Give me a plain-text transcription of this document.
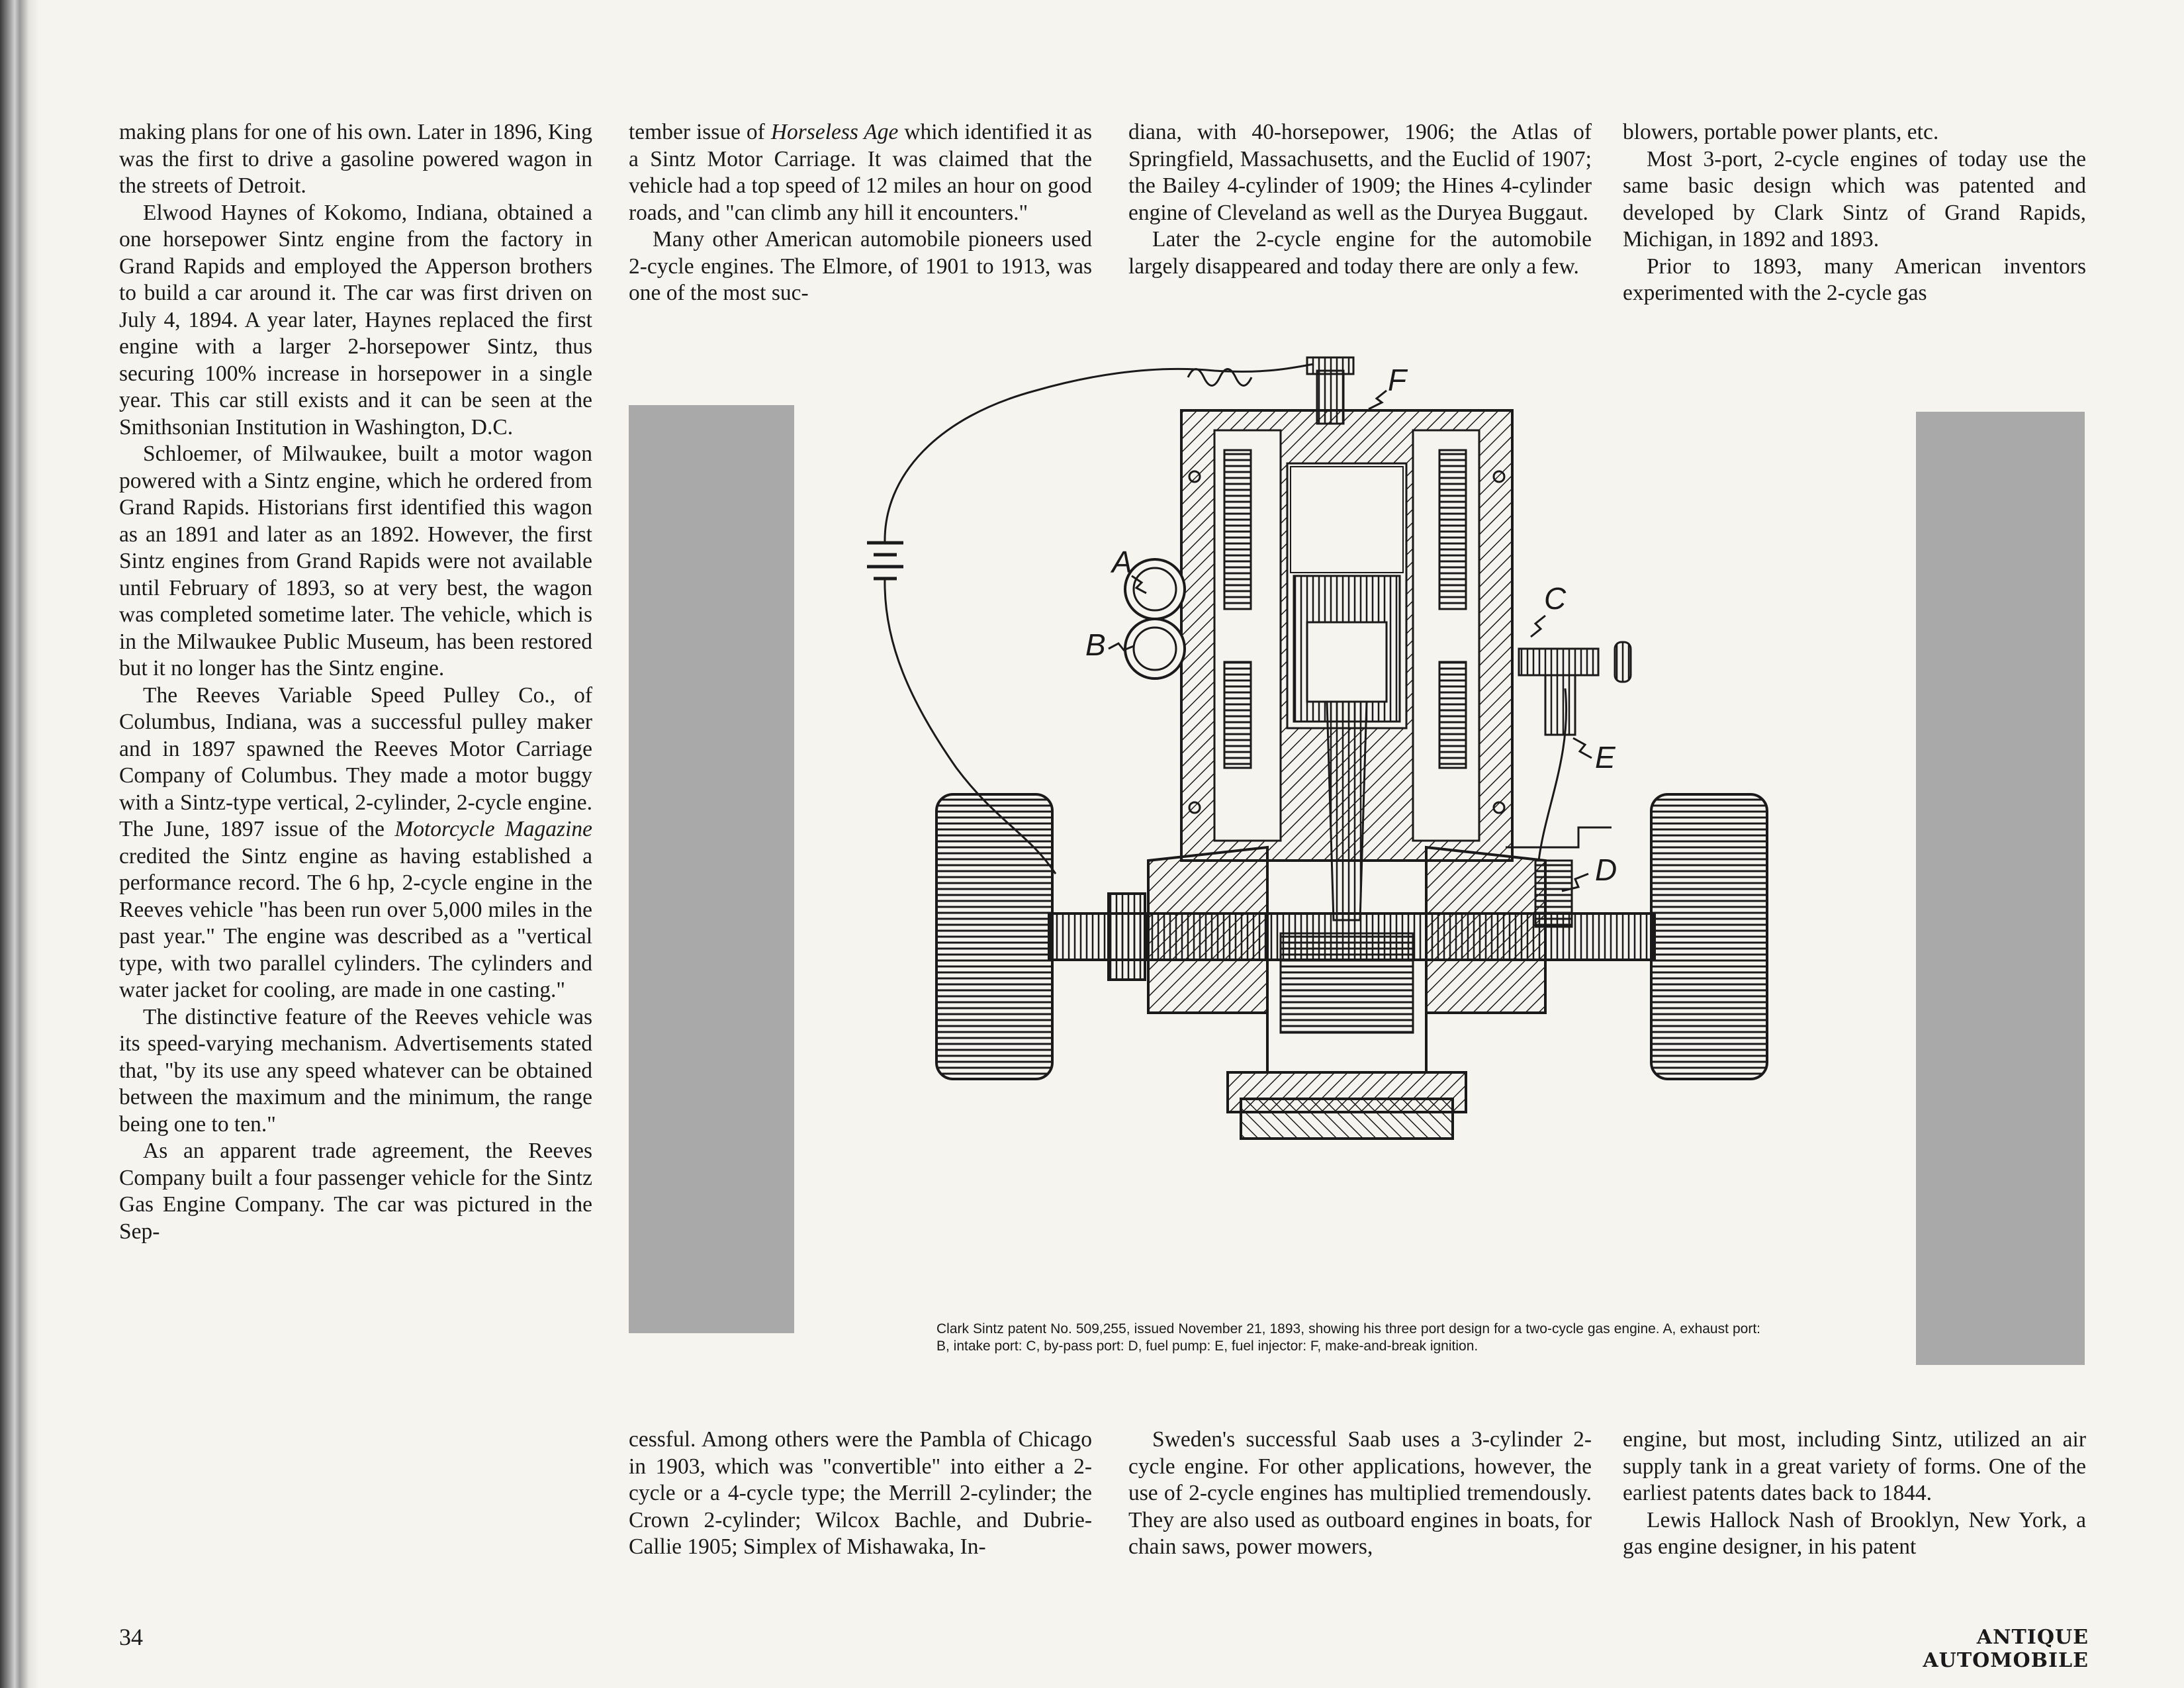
making plans for one of his own. Later in 1896, King was the first to drive a gasoline powered wagon in the streets of Detroit.

Elwood Haynes of Kokomo, Indiana, obtained a one horsepower Sintz engine from the factory in Grand Rapids and employed the Apperson brothers to build a car around it. The car was first driven on July 4, 1894. A year later, Haynes replaced the first engine with a larger 2-horsepower Sintz, thus securing 100% increase in horsepower in a single year. This car still exists and it can be seen at the Smithsonian Institution in Washington, D.C.

Schloemer, of Milwaukee, built a motor wagon powered with a Sintz engine, which he ordered from Grand Rapids. Historians first identified this wagon as an 1891 and later as an 1892. However, the first Sintz engines from Grand Rapids were not available until February of 1893, so at very best, the wagon was completed sometime later. The vehicle, which is in the Milwaukee Public Museum, has been restored but it no longer has the Sintz engine.

The Reeves Variable Speed Pulley Co., of Columbus, Indiana, was a successful pulley maker and in 1897 spawned the Reeves Motor Carriage Company of Columbus. They made a motor buggy with a Sintz-type vertical, 2-cylinder, 2-cycle engine. The June, 1897 issue of the Motorcycle Magazine credited the Sintz engine as having established a performance record. The 6 hp, 2-cycle engine in the Reeves vehicle "has been run over 5,000 miles in the past year." The engine was described as a "vertical type, with two parallel cylinders. The cylinders and water jacket for cooling, are made in one casting."

The distinctive feature of the Reeves vehicle was its speed-varying mechanism. Advertisements stated that, "by its use any speed whatever can be obtained between the maximum and the minimum, the range being one to ten."

As an apparent trade agreement, the Reeves Company built a four passenger vehicle for the Sintz Gas Engine Company. The car was pictured in the Sep-

tember issue of Horseless Age which identified it as a Sintz Motor Carriage. It was claimed that the vehicle had a top speed of 12 miles an hour on good roads, and "can climb any hill it encounters."

Many other American automobile pioneers used 2-cycle engines. The Elmore, of 1901 to 1913, was one of the most suc-

diana, with 40-horsepower, 1906; the Atlas of Springfield, Massachusetts, and the Euclid of 1907; the Bailey 4-cylinder of 1909; the Hines 4-cylinder engine of Cleveland as well as the Duryea Buggaut.

Later the 2-cycle engine for the automobile largely disappeared and today there are only a few.

blowers, portable power plants, etc.

Most 3-port, 2-cycle engines of today use the same basic design which was patented and developed by Clark Sintz of Grand Rapids, Michigan, in 1892 and 1893.

Prior to 1893, many American inventors experimented with the 2-cycle gas

A
B
C
D
E
F
Clark Sintz patent No. 509,255, issued November 21, 1893, showing his three port design for a two-cycle gas engine. A, exhaust port: B, intake port: C, by-pass port: D, fuel pump: E, fuel injector: F, make-and-break ignition.

cessful. Among others were the Pambla of Chicago in 1903, which was "convertible" into either a 2-cycle or a 4-cycle type; the Merrill 2-cylinder; the Crown 2-cylinder; Wilcox Bachle, and Dubrie-Callie 1905; Simplex of Mishawaka, In-

Sweden's successful Saab uses a 3-cylinder 2-cycle engine. For other applications, however, the use of 2-cycle engines has multiplied tremendously. They are also used as outboard engines in boats, for chain saws, power mowers,

engine, but most, including Sintz, utilized an air supply tank in a great variety of forms. One of the earliest patents dates back to 1844.

Lewis Hallock Nash of Brooklyn, New York, a gas engine designer, in his patent

34	ANTIQUE AUTOMOBILE
